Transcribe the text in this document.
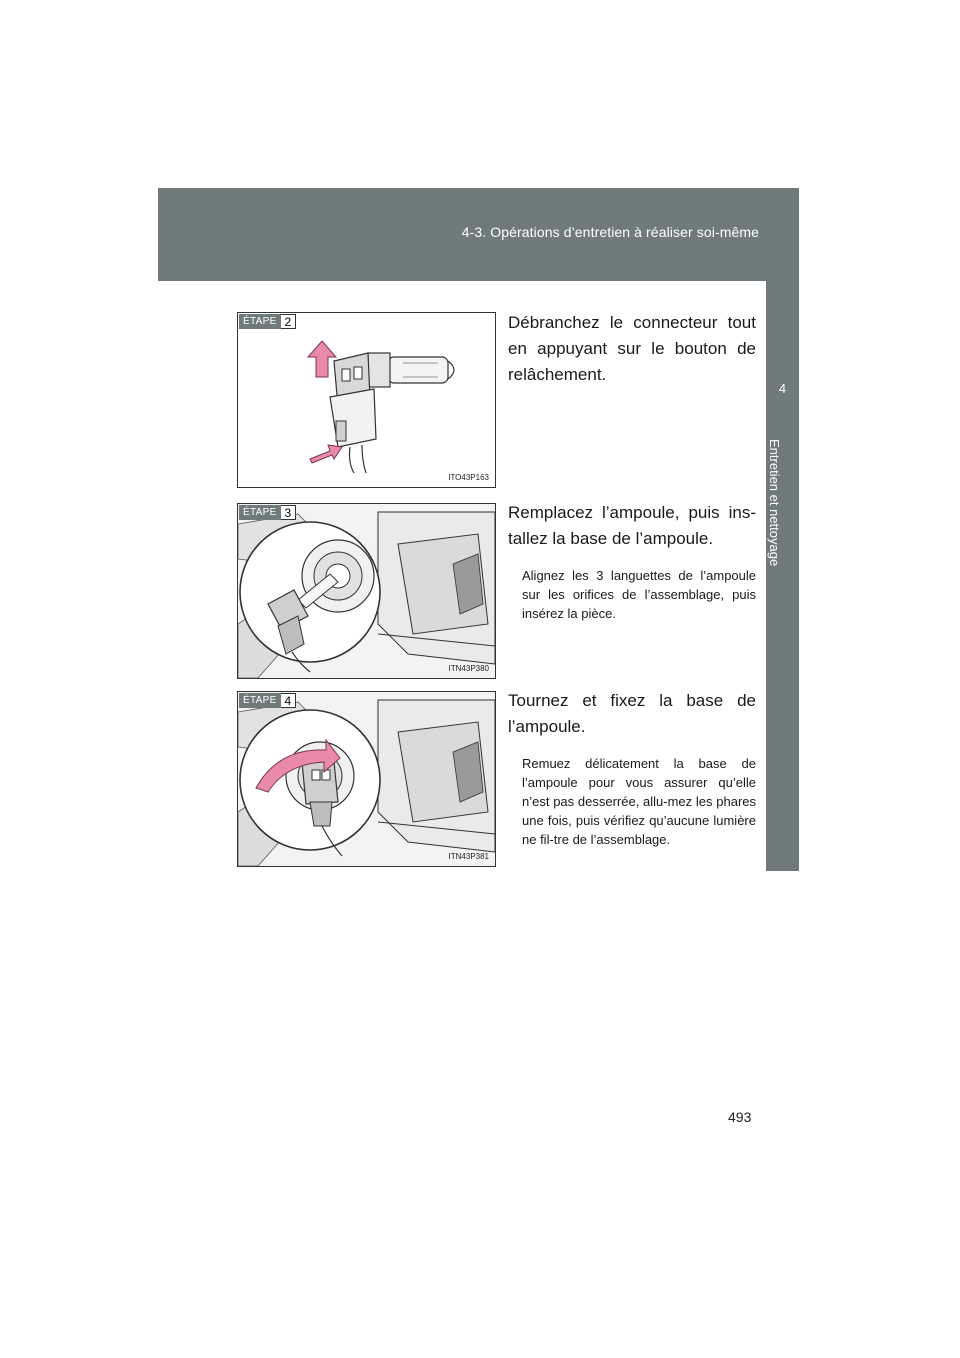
4-3. Opérations d’entretien à réaliser soi-même
4
Entretien et nettoyage
ÉTAPE 2
ITO43P163

Débranchez le connecteur tout en appuyant sur le bouton de relâchement.

ÉTAPE 3
ITN43P380

Remplacez l’ampoule, puis ins-tallez la base de l’ampoule.

Alignez les 3 languettes de l’ampoule sur les orifices de l’assemblage, puis insérez la pièce.

ÉTAPE 4
ITN43P381

Tournez et fixez la base de l’ampoule.

Remuez délicatement la base de l’ampoule pour vous assurer qu’elle n’est pas desserrée, allu-mez les phares une fois, puis vérifiez qu’aucune lumière ne fil-tre de l’assemblage.

493
